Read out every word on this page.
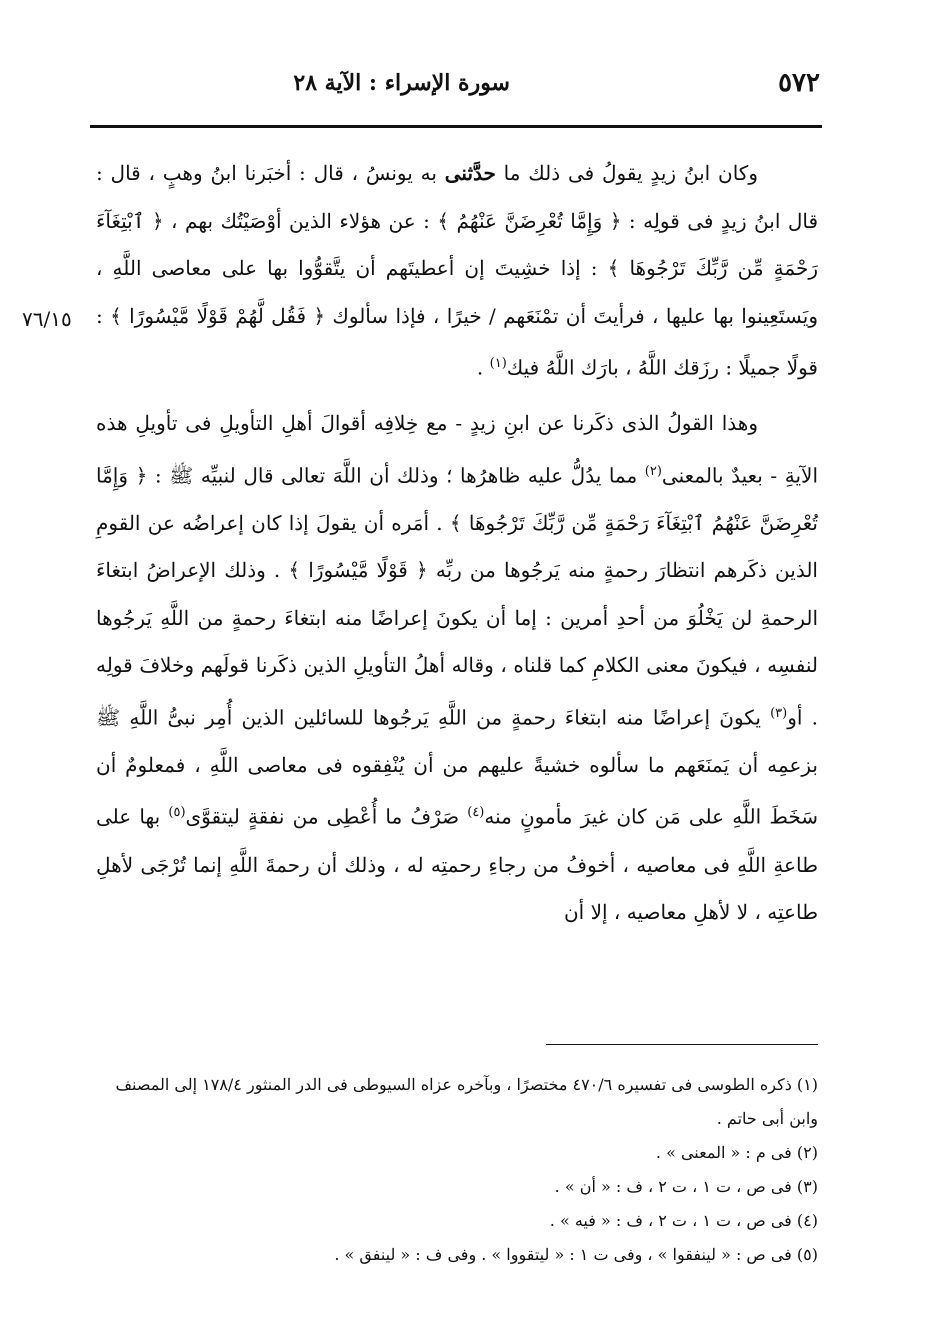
٥٧٢
سورة الإسراء : الآية ٢٨
٧٦/١٥

وكان ابنُ زيدٍ يقولُ فى ذلك ما حدَّثنى به يونسُ ، قال : أخبَرنا ابنُ وهبٍ ، قال : قال ابنُ زيدٍ فى قولِه : ﴿ وَإِمَّا تُعْرِضَنَّ عَنْهُمُ ﴾ : عن هؤلاء الذين أوْصَيْتُك بهم ، ﴿ ٱبْتِغَآءَ رَحْمَةٍ مِّن رَّبِّكَ تَرْجُوهَا ﴾ : إذا خشِيتَ إن أعطيتَهم أن يتَّقوُّوا بها على معاصى اللَّهِ ، ويَستَعِينوا بها عليها ، فرأيتَ أن تمْنَعَهم / خيرًا ، فإذا سألوك ﴿ فَقُل لَّهُمْ قَوْلًا مَّيْسُورًا ﴾ : قولًا جميلًا : رزَقك اللَّهُ ، بارَك اللَّهُ فيك$^{(١)}$ .

وهذا القولُ الذى ذكَرنا عن ابنِ زيدٍ - مع خِلافِه أقوالَ أهلِ التأويلِ فى تأويلِ هذه الآيةِ - بعيدٌ بالمعنى$^{(٢)}$ مما يدُلُّ عليه ظاهرُها ؛ وذلك أن اللَّهَ تعالى قال لنبيِّه ﷺ : ﴿ وَإِمَّا تُعْرِضَنَّ عَنْهُمُ ٱبْتِغَآءَ رَحْمَةٍ مِّن رَّبِّكَ تَرْجُوهَا ﴾ . أمَره أن يقولَ إذا كان إعراضُه عن القومِ الذين ذكَرهم انتظارَ رحمةٍ منه يَرجُوها من ربِّه ﴿ قَوْلًا مَّيْسُورًا ﴾ . وذلك الإعراضُ ابتغاءَ الرحمةِ لن يَخْلُوَ من أحدِ أمرين : إما أن يكونَ إعراضًا منه ابتغاءَ رحمةٍ من اللَّهِ يَرجُوها لنفسِه ، فيكونَ معنى الكلامِ كما قلناه ، وقاله أهلُ التأويلِ الذين ذكَرنا قولَهم وخلافَ قولِه . أو$^{(٣)}$ يكونَ إعراضًا منه ابتغاءَ رحمةٍ من اللَّهِ يَرجُوها للسائلين الذين أُمِر نبىُّ اللَّهِ ﷺ بزعمِه أن يَمنَعَهم ما سألوه خشيةً عليهم من أن يُنْفِقوه فى معاصى اللَّهِ ، فمعلومٌ أن سَخَطَ اللَّهِ على مَن كان غيرَ مأمونٍ منه$^{(٤)}$ صَرْفُ ما أُعْطِى من نفقةٍ ليتقوَّى$^{(٥)}$ بها على طاعةِ اللَّهِ فى معاصيه ، أخوفُ من رجاءِ رحمتِه له ، وذلك أن رحمةَ اللَّهِ إنما تُرْجَى لأهلِ طاعتِه ، لا لأهلِ معاصيه ، إلا أن

(١) ذكره الطوسى فى تفسيره ٤٧٠/٦ مختصرًا ، وبآخره عزاه السيوطى فى الدر المنثور ١٧٨/٤ إلى المصنف وابن أبى حاتم .

(٢) فى م : « المعنى » .

(٣) فى ص ، ت ١ ، ت ٢ ، ف : « أن » .

(٤) فى ص ، ت ١ ، ت ٢ ، ف : « فيه » .

(٥) فى ص : « لينفقوا » ، وفى ت ١ : « ليتقووا » . وفى ف : « لينفق » .
